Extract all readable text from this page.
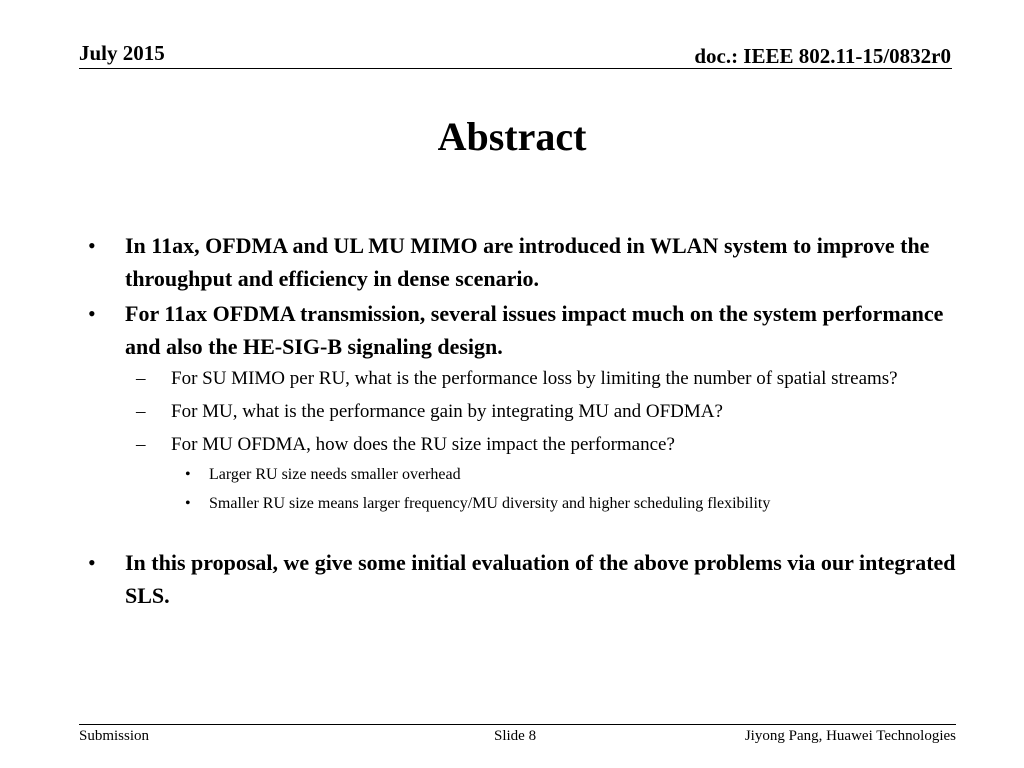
July 2015	doc.: IEEE 802.11-15/0832r0
Abstract
• In 11ax, OFDMA and UL MU MIMO are introduced in WLAN system to improve the throughput and efficiency in dense scenario.
• For 11ax OFDMA transmission, several issues impact much on the system performance and also the HE-SIG-B signaling design.
– For SU MIMO per RU, what is the performance loss by limiting the number of spatial streams?
– For MU, what is the performance gain by integrating MU and OFDMA?
– For MU OFDMA, how does the RU size impact the performance?
• Larger RU size needs smaller overhead
• Smaller RU size means larger frequency/MU diversity and higher scheduling flexibility
• In this proposal, we give some initial evaluation of the above problems via our integrated SLS.
Submission	Slide 8	Jiyong Pang, Huawei Technologies
